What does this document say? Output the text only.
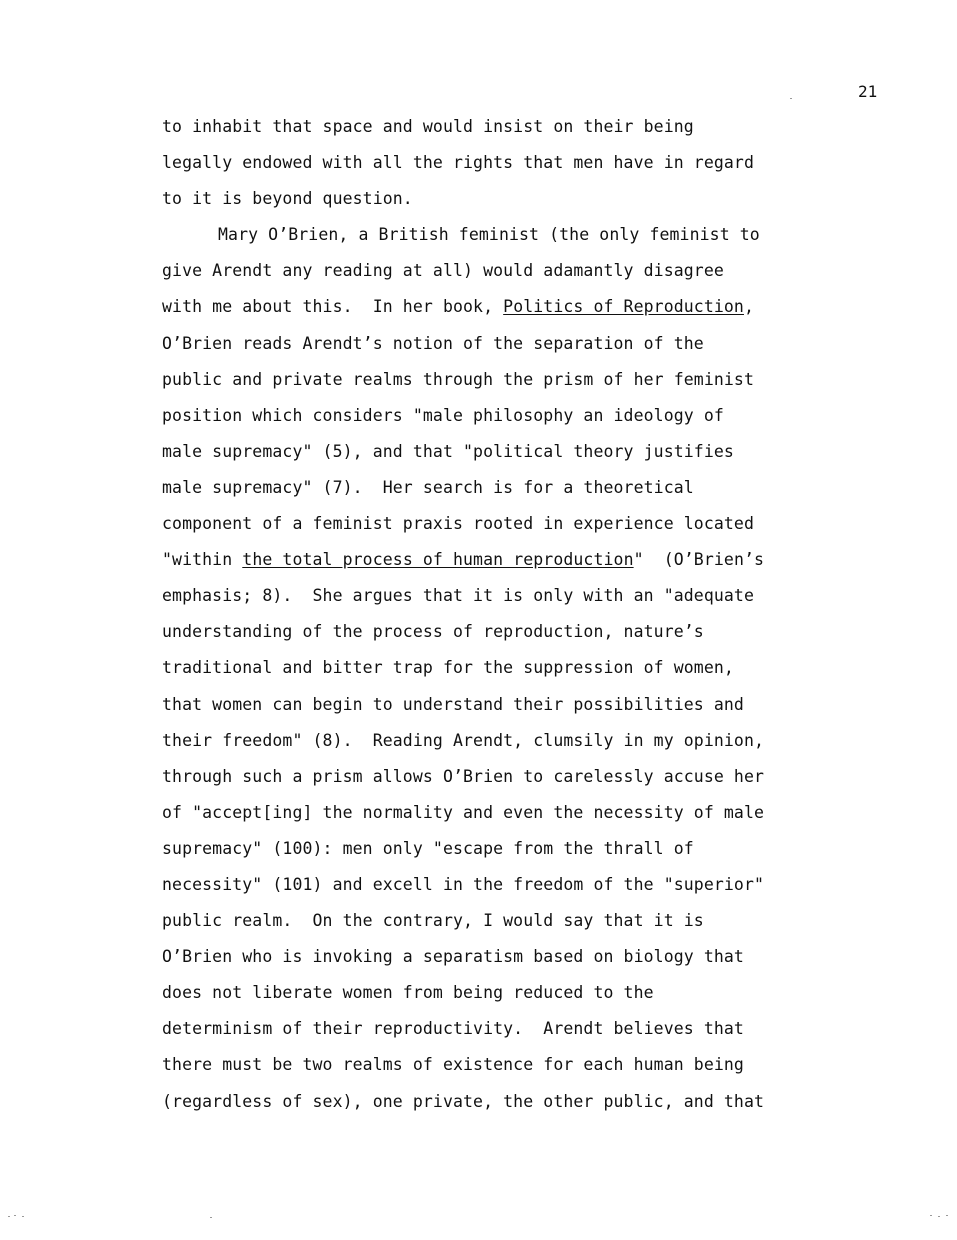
21
to inhabit that space and would insist on their being
legally endowed with all the rights that men have in regard
to it is beyond question.
Mary O’Brien, a British feminist (the only feminist to
give Arendt any reading at all) would adamantly disagree
with me about this.  In her book, Politics of Reproduction,
O’Brien reads Arendt’s notion of the separation of the
public and private realms through the prism of her feminist
position which considers "male philosophy an ideology of
male supremacy" (5), and that "political theory justifies
male supremacy" (7).  Her search is for a theoretical
component of a feminist praxis rooted in experience located
"within the total process of human reproduction"  (O’Brien’s
emphasis; 8).  She argues that it is only with an "adequate
understanding of the process of reproduction, nature’s
traditional and bitter trap for the suppression of women,
that women can begin to understand their possibilities and
their freedom" (8).  Reading Arendt, clumsily in my opinion,
through such a prism allows O’Brien to carelessly accuse her
of "accept[ing] the normality and even the necessity of male
supremacy" (100): men only "escape from the thrall of
necessity" (101) and excell in the freedom of the "superior"
public realm.  On the contrary, I would say that it is
O’Brien who is invoking a separatism based on biology that
does not liberate women from being reduced to the
determinism of their reproductivity.  Arendt believes that
there must be two realms of existence for each human being
(regardless of sex), one private, the other public, and that
